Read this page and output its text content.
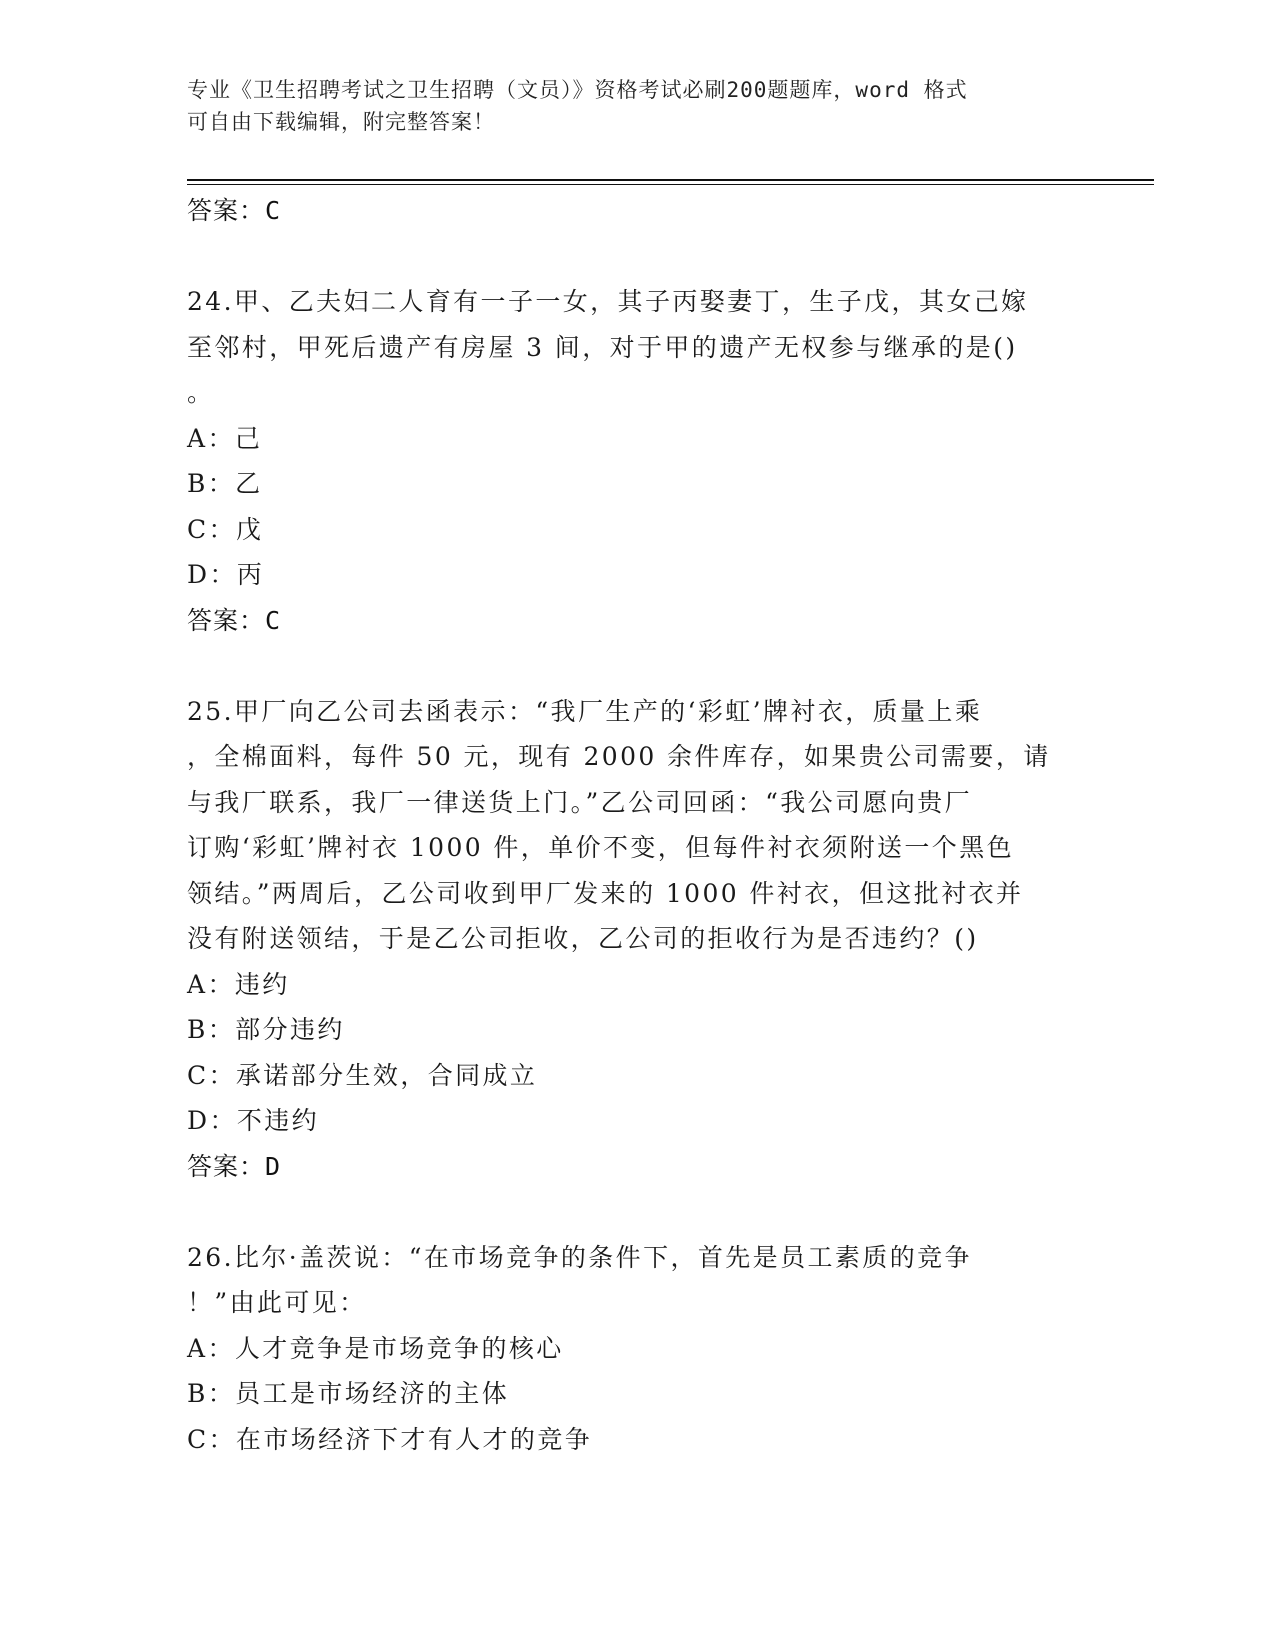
专业《卫生招聘考试之卫生招聘（文员）》资格考试必刷200题题库，word 格式
可自由下载编辑，附完整答案！
答案：C
24.甲、乙夫妇二人育有一子一女，其子丙娶妻丁，生子戊，其女己嫁
至邻村，甲死后遗产有房屋 3 间，对于甲的遗产无权参与继承的是()
。
A：己
B：乙
C：戊
D：丙
答案：C
25.甲厂向乙公司去函表示：“我厂生产的‘彩虹’牌衬衣，质量上乘
，全棉面料，每件 50 元，现有 2000 余件库存，如果贵公司需要，请
与我厂联系，我厂一律送货上门。”乙公司回函：“我公司愿向贵厂
订购‘彩虹’牌衬衣 1000 件，单价不变，但每件衬衣须附送一个黑色
领结。”两周后，乙公司收到甲厂发来的 1000 件衬衣，但这批衬衣并
没有附送领结，于是乙公司拒收，乙公司的拒收行为是否违约？()
A：违约
B：部分违约
C：承诺部分生效，合同成立
D：不违约
答案：D
26.比尔·盖茨说：“在市场竞争的条件下，首先是员工素质的竞争
！”由此可见：
A：人才竞争是市场竞争的核心
B：员工是市场经济的主体
C：在市场经济下才有人才的竞争
